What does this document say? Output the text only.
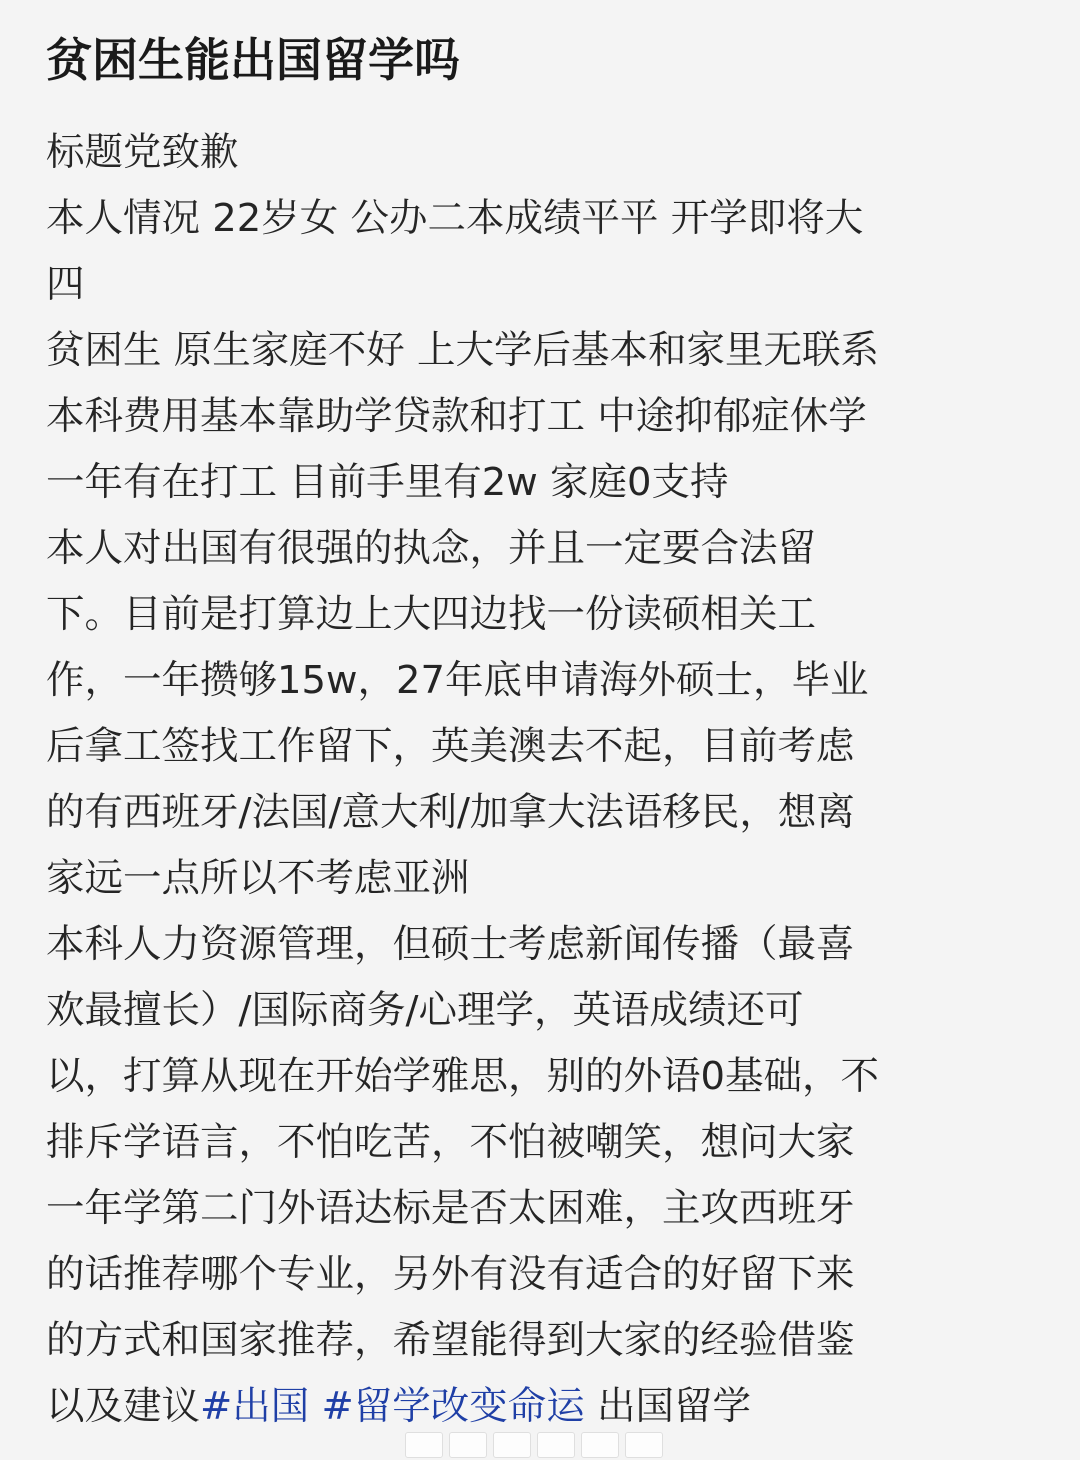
贫困生能出国留学吗
标题党致歉
本人情况 22岁女 公办二本成绩平平 开学即将大
四
贫困生 原生家庭不好 上大学后基本和家里无联系
本科费用基本靠助学贷款和打工 中途抑郁症休学
一年有在打工 目前手里有2w 家庭0支持
本人对出国有很强的执念，并且一定要合法留
下。目前是打算边上大四边找一份读硕相关工
作，一年攒够15w，27年底申请海外硕士，毕业
后拿工签找工作留下，英美澳去不起，目前考虑
的有西班牙/法国/意大利/加拿大法语移民，想离
家远一点所以不考虑亚洲
本科人力资源管理，但硕士考虑新闻传播（最喜
欢最擅长）/国际商务/心理学，英语成绩还可
以，打算从现在开始学雅思，别的外语0基础，不
排斥学语言，不怕吃苦，不怕被嘲笑，想问大家
一年学第二门外语达标是否太困难，主攻西班牙
的话推荐哪个专业，另外有没有适合的好留下来
的方式和国家推荐，希望能得到大家的经验借鉴
以及建议#出国 #留学改变命运 出国留学
